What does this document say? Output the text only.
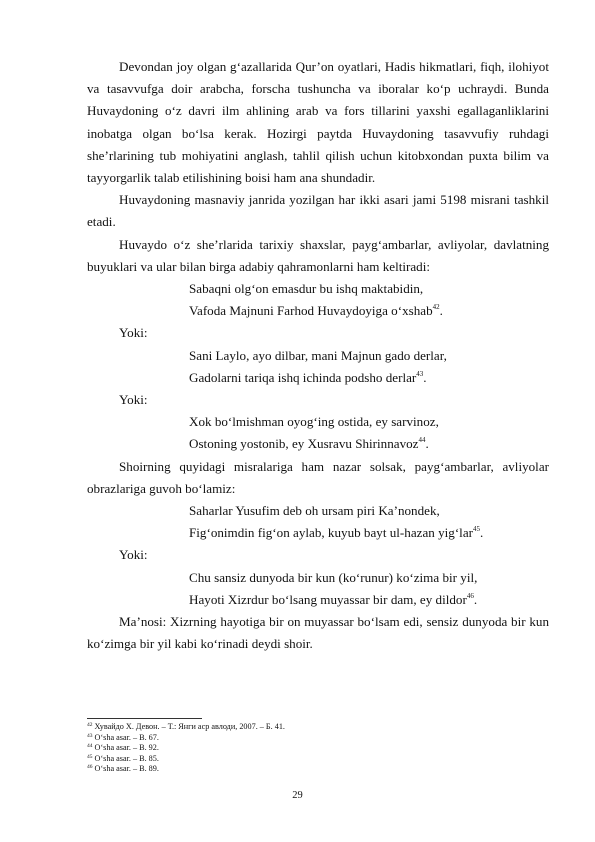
Devondan joy olgan gʻazallarida Qur’on oyatlari, Hadis hikmatlari, fiqh, ilohiyot va tasavvufga doir arabcha, forscha tushuncha va iboralar koʻp uchraydi. Bunda Huvaydoning oʻz davri ilm ahlining arab va fors tillarini yaxshi egallaganliklarini inobatga olgan boʻlsa kerak. Hozirgi paytda Huvaydoning tasavvufiy ruhdagi she’rlarining tub mohiyatini anglash, tahlil qilish uchun kitobxondan puxta bilim va tayyorgarlik talab etilishining boisi ham ana shundadir.

Huvaydoning masnaviy janrida yozilgan har ikki asari jami 5198 misrani tashkil etadi.

Huvaydo oʻz she’rlarida tarixiy shaxslar, paygʻambarlar, avliyolar, davlatning buyuklari va ular bilan birga adabiy qahramonlarni ham keltiradi:

Sabaqni olgʻon emasdur bu ishq maktabidin,

Vafoda Majnuni Farhod Huvaydoyiga oʻxshab$^{42}$.

Yoki:

Sani Laylo, ayo dilbar, mani Majnun gado derlar,

Gadolarni tariqa ishq ichinda podsho derlar$^{43}$.

Yoki:

Xok boʻlmishman oyogʻing ostida, ey sarvinoz,

Ostoning yostonib, ey Xusravu Shirinnavoz$^{44}$.

Shoirning quyidagi misralariga ham nazar solsak, paygʻambarlar, avliyolar obrazlariga guvoh boʻlamiz:

Saharlar Yusufim deb oh ursam piri Ka’nondek,

Figʻonimdin figʻon aylab, kuyub bayt ul-hazan yigʻlar$^{45}$.

Yoki:

Chu sansiz dunyoda bir kun (koʻrunur) koʻzima bir yil,

Hayoti Xizrdur boʻlsang muyassar bir dam, ey dildor$^{46}$.

Ma’nosi: Xizrning hayotiga bir on muyassar boʻlsam edi, sensiz dunyoda bir kun koʻzimga bir yil kabi koʻrinadi deydi shoir.

$^{42}$ Хувайдо Х. Девон. – Т.: Янги аср авлоди, 2007. – Б. 41.

$^{43}$ Oʻsha asar. – B. 67.

$^{44}$ Oʻsha asar. – B. 92.

$^{45}$ Oʻsha asar. – B. 85.

$^{46}$ Oʻsha asar. – B. 89.

29
